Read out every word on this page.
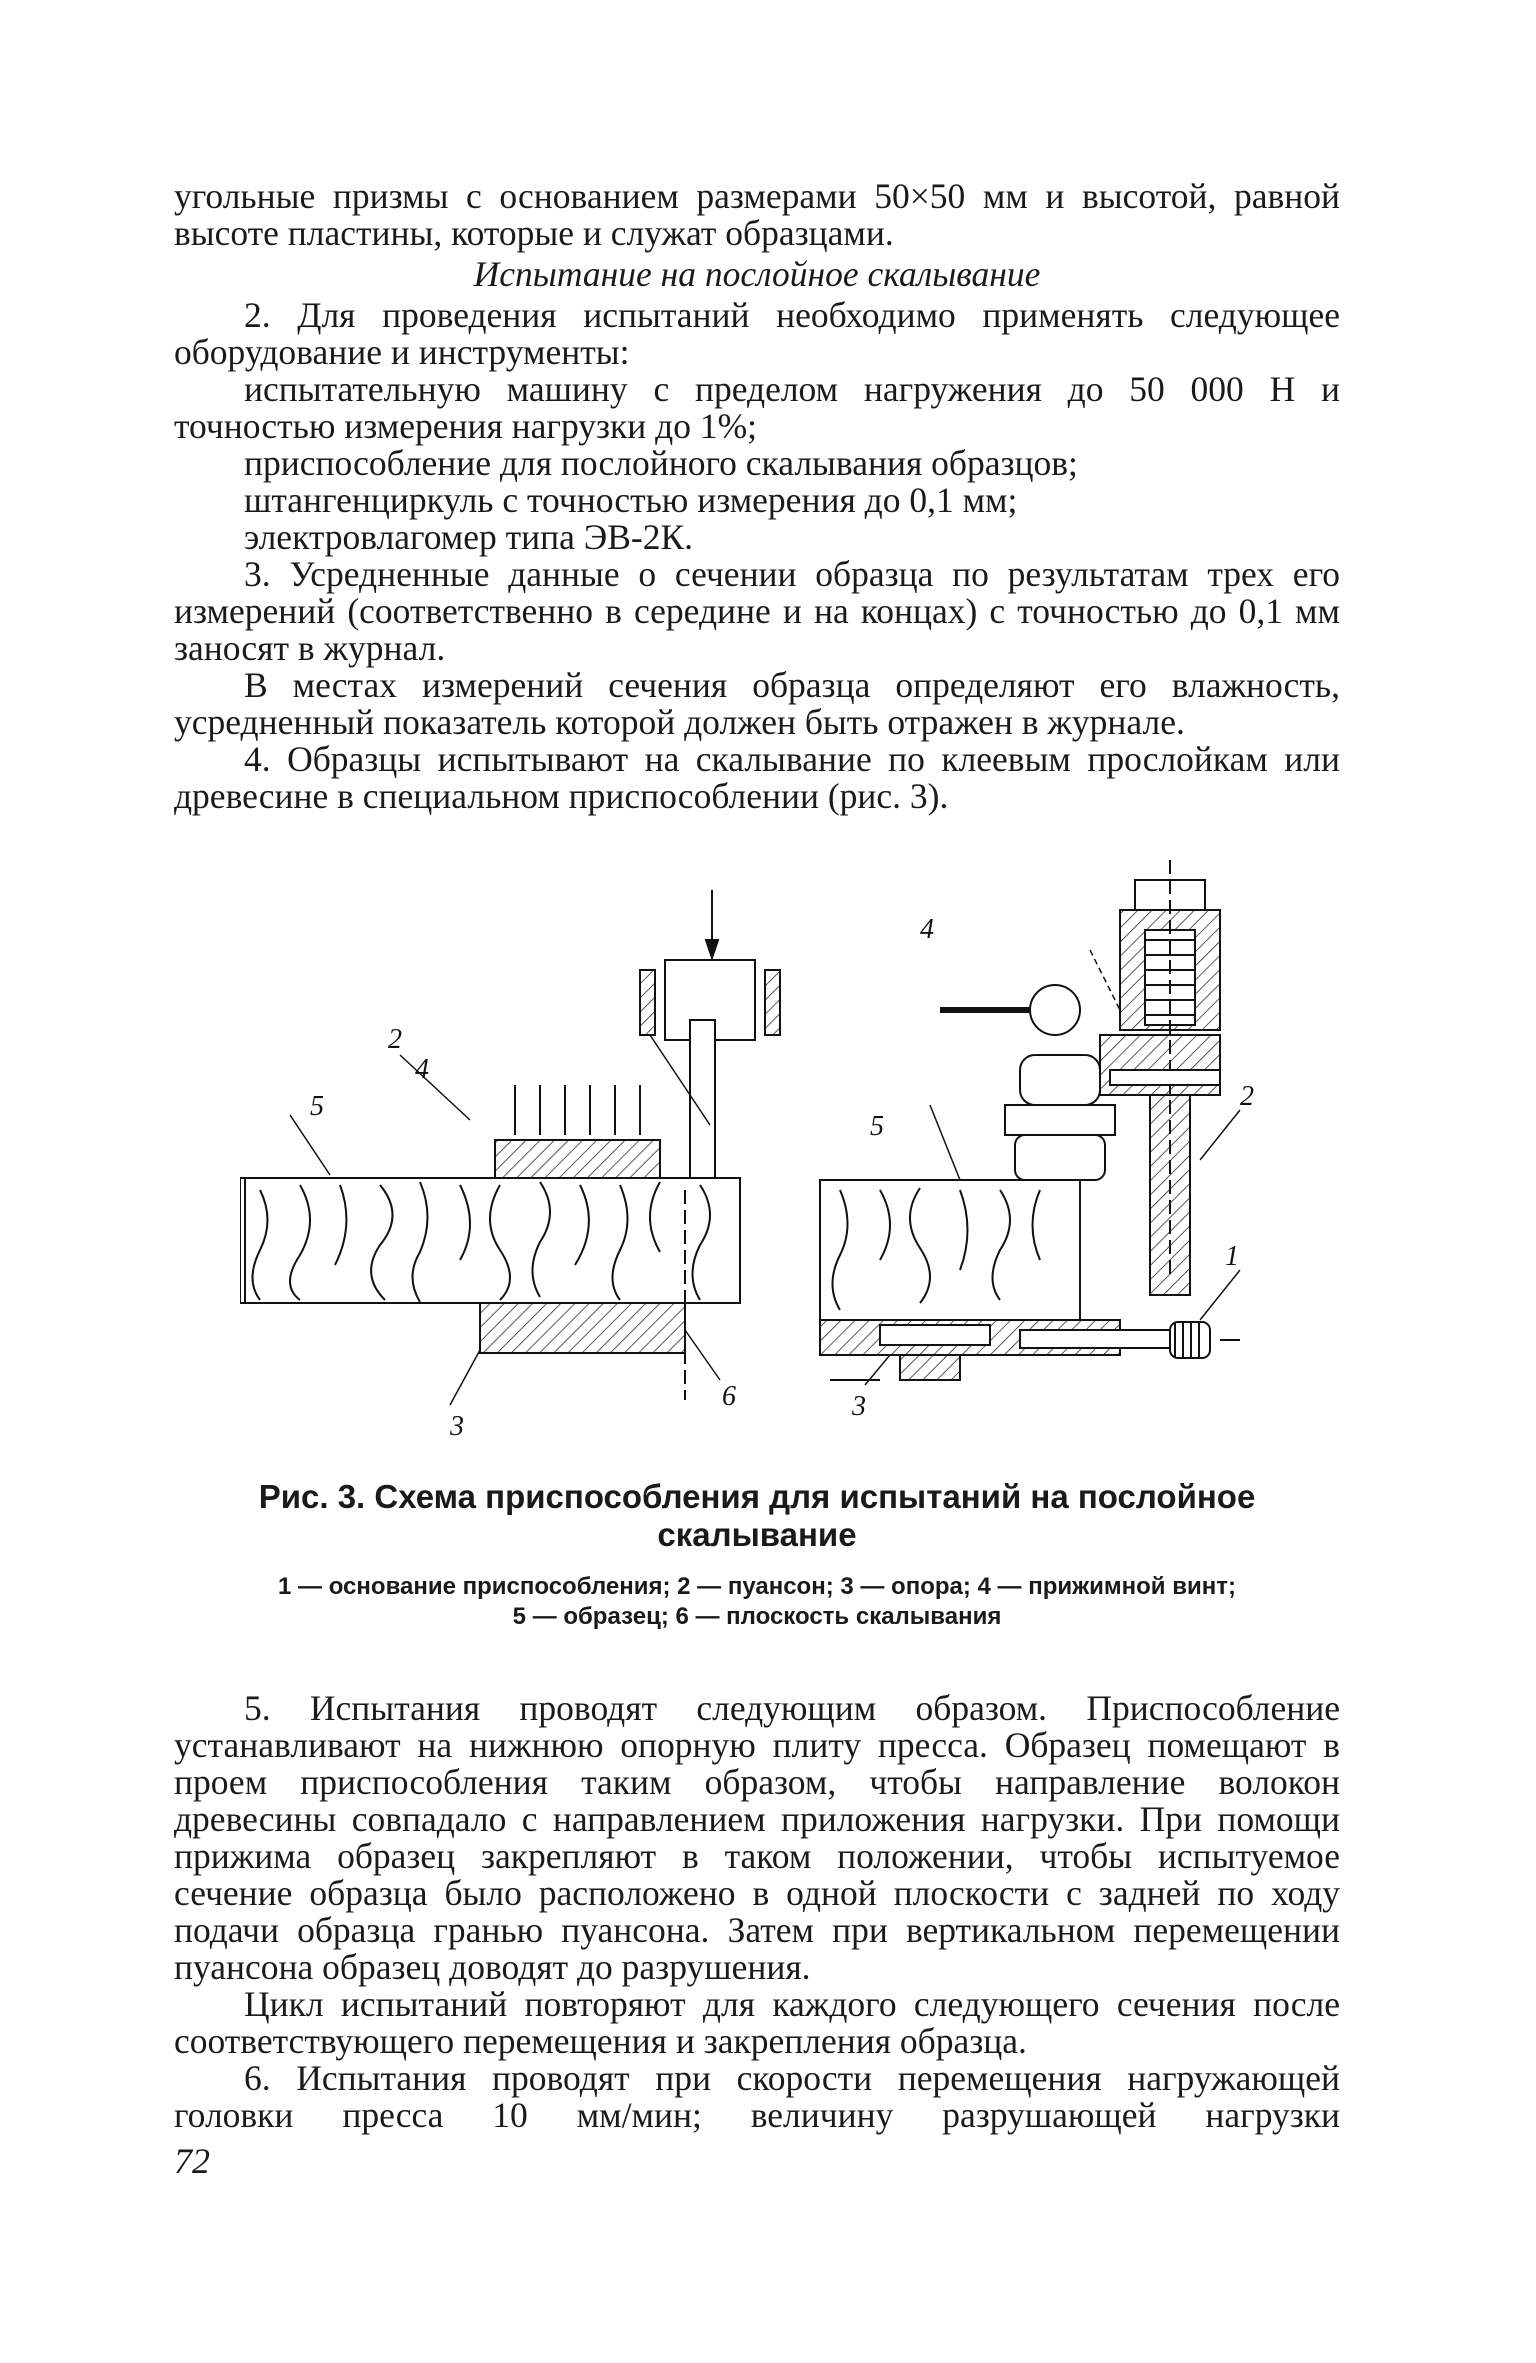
угольные призмы с основанием размерами 50×50 мм и высотой, равной высоте пластины, которые и служат образцами.

Испытание на послойное скалывание

2. Для проведения испытаний необходимо применять следующее оборудование и инструменты:

испытательную машину с пределом нагружения до 50 000 Н и точностью измерения нагрузки до 1%;

приспособление для послойного скалывания образцов;

штангенциркуль с точностью измерения до 0,1 мм;

электровлагомер типа ЭВ-2К.

3. Усредненные данные о сечении образца по результатам трех его измерений (соответственно в середине и на концах) с точностью до 0,1 мм заносят в журнал.

В местах измерений сечения образца определяют его влажность, усредненный показатель которой должен быть отражен в журнале.

4. Образцы испытывают на скалывание по клеевым прослойкам или древесине в специальном приспособлении (рис. 3).

2
4
5
3
6
4
2
5
1
3
Рис. 3. Схема приспособления для испытаний на послойное скалывание
1 — основание приспособления; 2 — пуансон; 3 — опора; 4 — прижимной винт;
5 — образец; 6 — плоскость скалывания

5. Испытания проводят следующим образом. Приспособление устанавливают на нижнюю опорную плиту пресса. Образец помещают в проем приспособления таким образом, чтобы направление волокон древесины совпадало с направлением приложения нагрузки. При помощи прижима образец закрепляют в таком положении, чтобы испытуемое сечение образца было расположено в одной плоскости с задней по ходу подачи образца гранью пуансона. Затем при вертикальном перемещении пуансона образец доводят до разрушения.

Цикл испытаний повторяют для каждого следующего сечения после соответствующего перемещения и закрепления образца.

6. Испытания проводят при скорости перемещения нагружающей головки пресса 10 мм/мин; величину разрушающей нагрузки

72
